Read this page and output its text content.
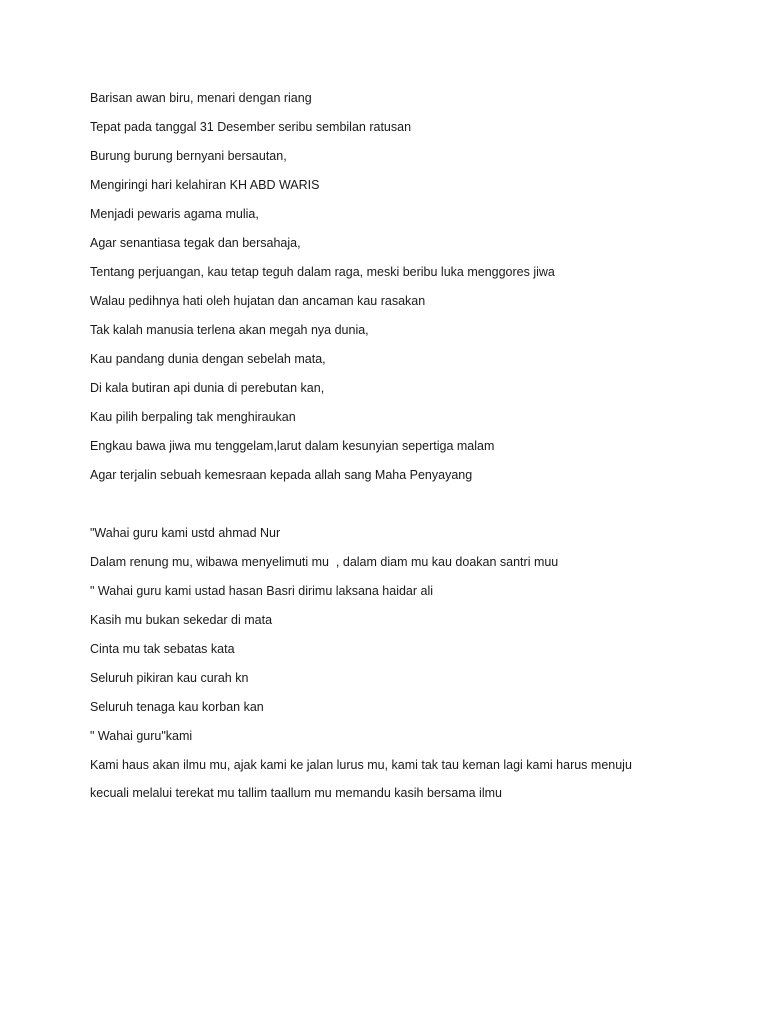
Barisan awan biru, menari dengan riang

Tepat pada tanggal 31 Desember seribu sembilan ratusan

Burung burung bernyani bersautan,

Mengiringi hari kelahiran KH ABD WARIS

Menjadi pewaris agama mulia,

Agar senantiasa tegak dan bersahaja,

Tentang perjuangan, kau tetap teguh dalam raga, meski beribu luka menggores jiwa

Walau pedihnya hati oleh hujatan dan ancaman kau rasakan

Tak kalah manusia terlena akan megah nya dunia,

Kau pandang dunia dengan sebelah mata,

Di kala butiran api dunia di perebutan kan,

Kau pilih berpaling tak menghiraukan

Engkau bawa jiwa mu tenggelam,larut dalam kesunyian sepertiga malam

Agar terjalin sebuah kemesraan kepada allah sang Maha Penyayang

"Wahai guru kami ustd ahmad Nur

Dalam renung mu, wibawa menyelimuti mu  , dalam diam mu kau doakan santri muu

" Wahai guru kami ustad hasan Basri dirimu laksana haidar ali

Kasih mu bukan sekedar di mata

Cinta mu tak sebatas kata

Seluruh pikiran kau curah kn

Seluruh tenaga kau korban kan

" Wahai guru"kami

Kami haus akan ilmu mu, ajak kami ke jalan lurus mu, kami tak tau keman lagi kami harus menuju

kecuali melalui terekat mu tallim taallum mu memandu kasih bersama ilmu
